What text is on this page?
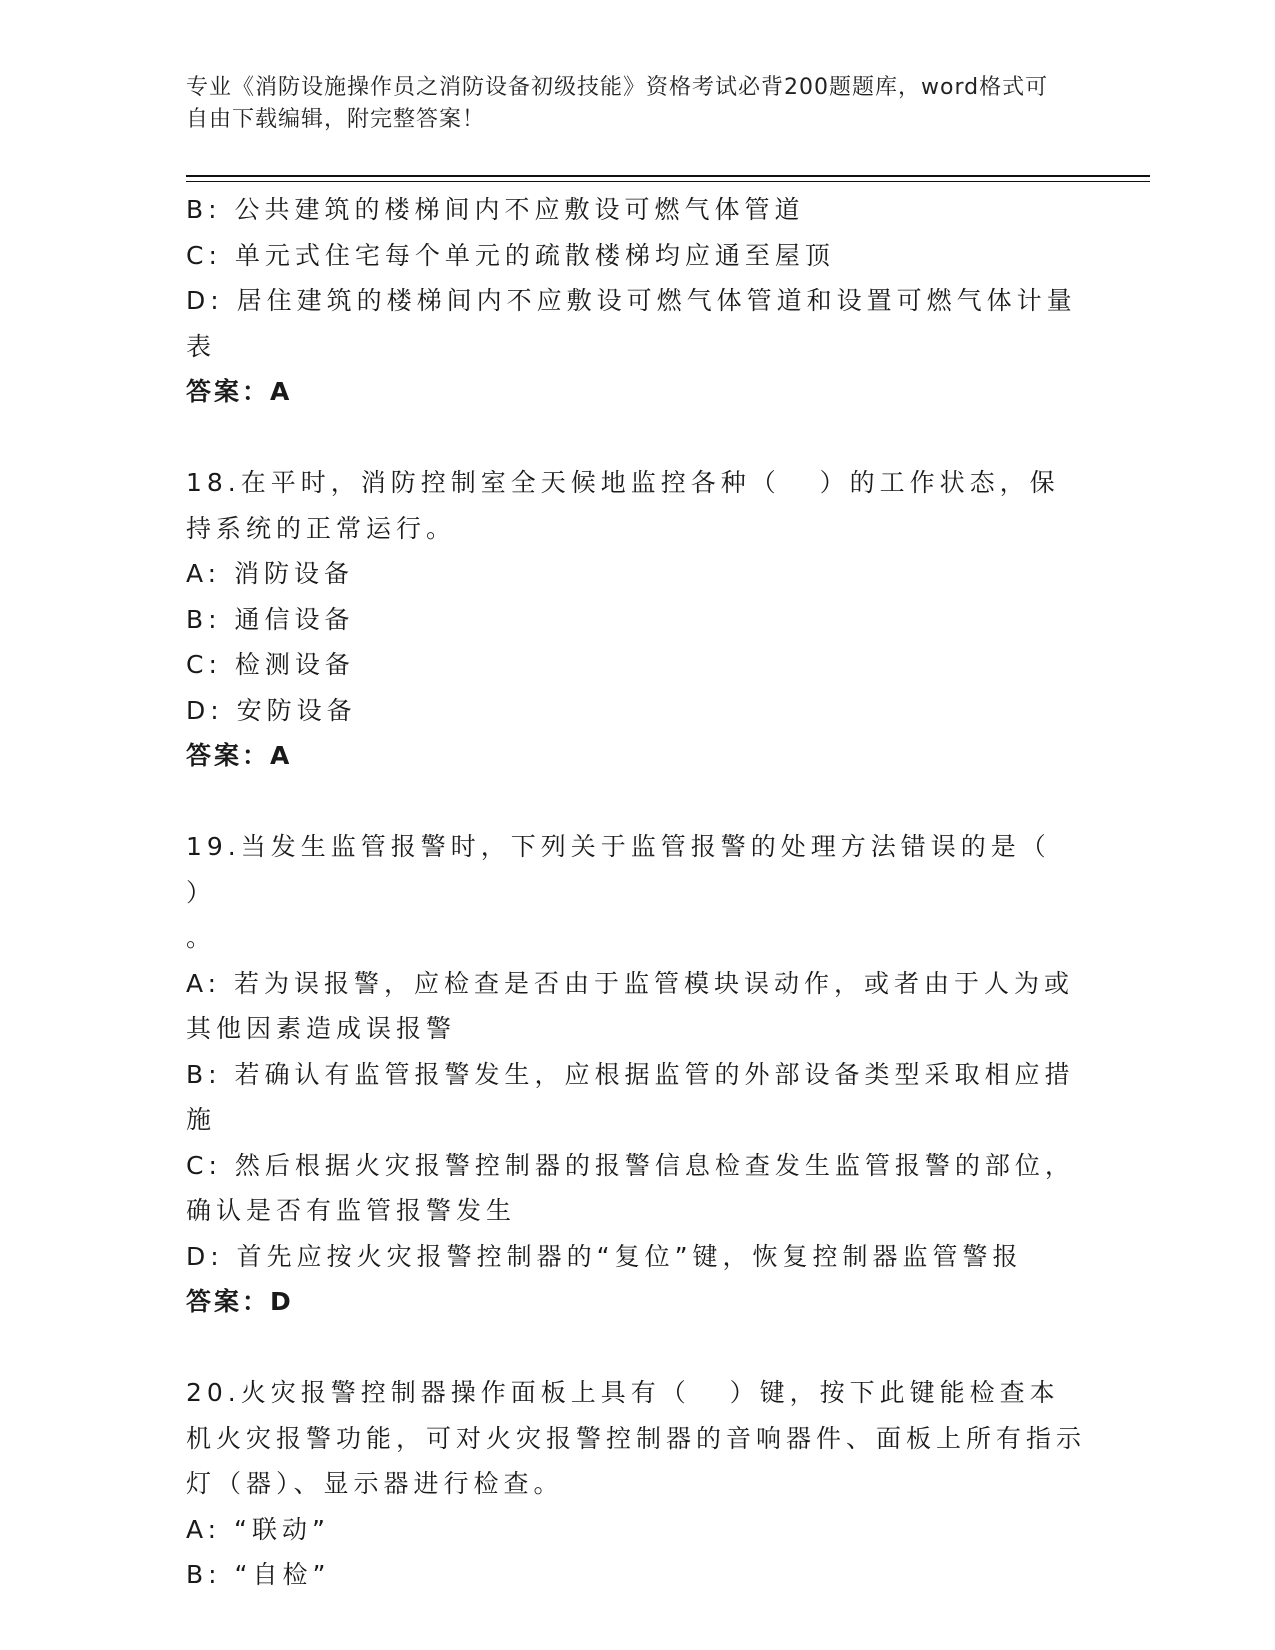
专业《消防设施操作员之消防设备初级技能》资格考试必背200题题库，word格式可自由下载编辑，附完整答案！
B: 公共建筑的楼梯间内不应敷设可燃气体管道
C: 单元式住宅每个单元的疏散楼梯均应通至屋顶
D: 居住建筑的楼梯间内不应敷设可燃气体管道和设置可燃气体计量表
答案：A
18.在平时，消防控制室全天候地监控各种（   ）的工作状态，保持系统的正常运行。
A: 消防设备
B: 通信设备
C: 检测设备
D: 安防设备
答案：A
19.当发生监管报警时，下列关于监管报警的处理方法错误的是（   ）
。
A: 若为误报警，应检查是否由于监管模块误动作，或者由于人为或其他因素造成误报警
B: 若确认有监管报警发生，应根据监管的外部设备类型采取相应措施
C: 然后根据火灾报警控制器的报警信息检查发生监管报警的部位，确认是否有监管报警发生
D: 首先应按火灾报警控制器的“复位”键，恢复控制器监管警报
答案：D
20.火灾报警控制器操作面板上具有（   ）键，按下此键能检查本机火灾报警功能，可对火灾报警控制器的音响器件、面板上所有指示灯（器）、显示器进行检查。
A: “联动”
B: “自检”
